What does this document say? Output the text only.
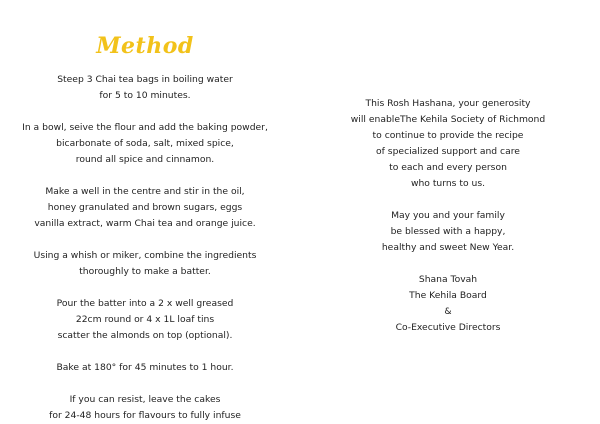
Method
Steep 3 Chai tea bags in boiling water
for 5 to 10 minutes.
In a bowl, seive the flour and add the baking powder,
bicarbonate of soda, salt, mixed spice,
round all spice and cinnamon.
Make a well in the centre and stir in the oil,
honey granulated and brown sugars, eggs
vanilla extract, warm Chai tea and orange juice.
Using a whish or miker, combine the ingredients
thoroughly to make a batter.
Pour the batter into a 2 x well greased
22cm round or 4 x 1L loaf tins
scatter the almonds on top (optional).
Bake at 180° for 45 minutes to 1 hour.
If you can resist, leave the cakes
for 24-48 hours for flavours to fully infuse
This Rosh Hashana, your generosity
will enableThe Kehila Society of Richmond
to continue to provide the recipe
of specialized support and care
to each and every person
who turns to us.
May you and your family
be blessed with a happy,
healthy and sweet New Year.
Shana Tovah
The Kehila Board
&
Co-Executive Directors
